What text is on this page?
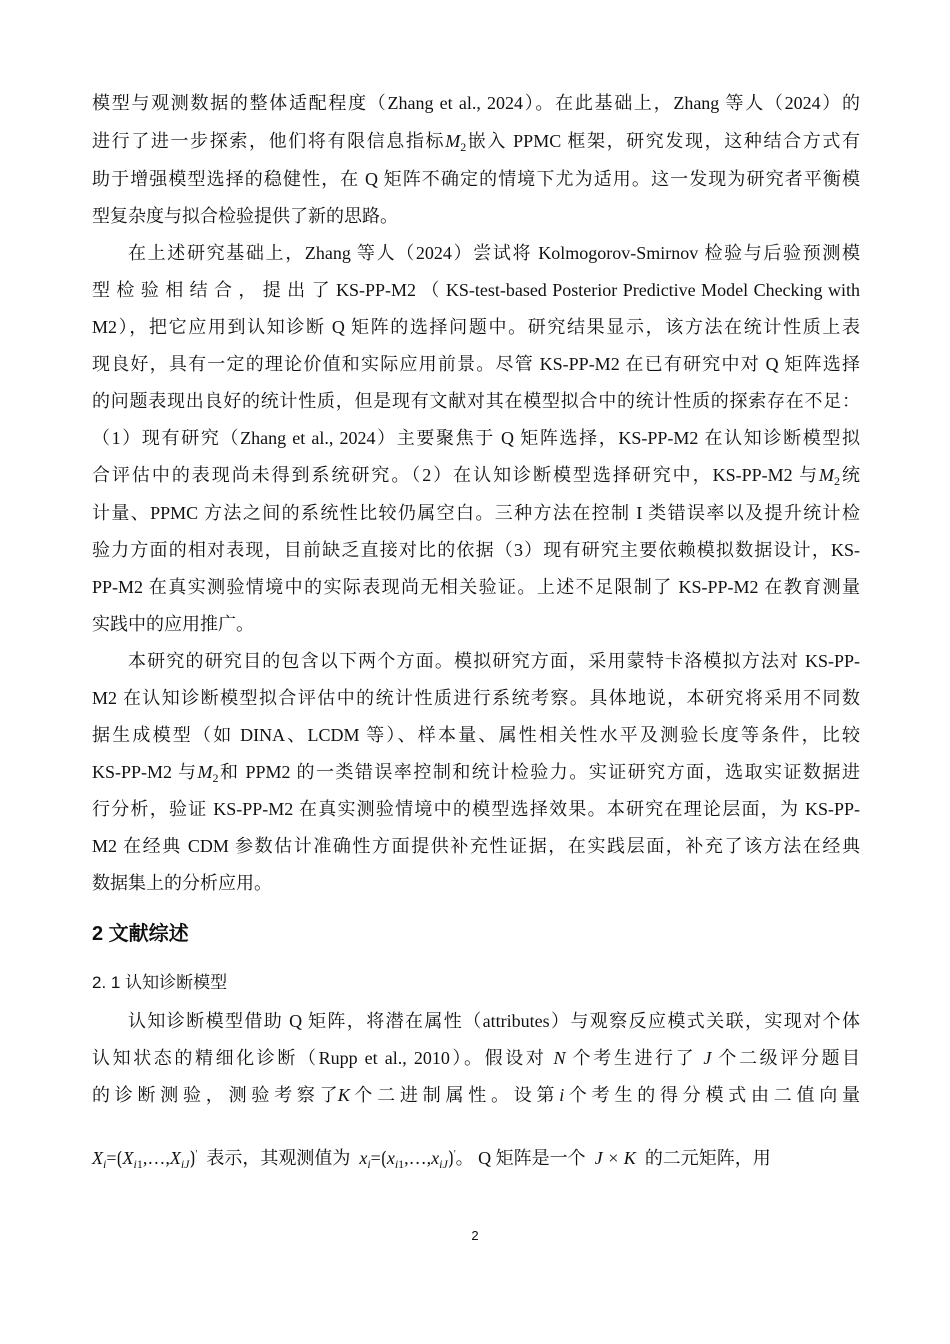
模型与观测数据的整体适配程度（Zhang et al., 2024）。在此基础上，Zhang 等人（2024）的
进行了进一步探索，他们将有限信息指标$M_2$嵌入 PPMC 框架，研究发现，这种结合方式有
助于增强模型选择的稳健性，在 Q 矩阵不确定的情境下尤为适用。这一发现为研究者平衡模
型复杂度与拟合检验提供了新的思路。
在上述研究基础上，Zhang 等人（2024）尝试将 Kolmogorov-Smirnov 检验与后验预测模
型 检 验 相 结 合 ， 提 出 了 KS-PP-M2 （ KS-test-based Posterior Predictive Model Checking with
M2），把它应用到认知诊断 Q 矩阵的选择问题中。研究结果显示，该方法在统计性质上表
现良好，具有一定的理论价值和实际应用前景。尽管 KS-PP-M2 在已有研究中对 Q 矩阵选择
的问题表现出良好的统计性质，但是现有文献对其在模型拟合中的统计性质的探索存在不足：
（1）现有研究（Zhang et al., 2024）主要聚焦于 Q 矩阵选择，KS-PP-M2 在认知诊断模型拟
合评估中的表现尚未得到系统研究。（2）在认知诊断模型选择研究中，KS-PP-M2 与$M_2$统
计量、PPMC 方法之间的系统性比较仍属空白。三种方法在控制 I 类错误率以及提升统计检
验力方面的相对表现，目前缺乏直接对比的依据（3）现有研究主要依赖模拟数据设计，KS-
PP-M2 在真实测验情境中的实际表现尚无相关验证。上述不足限制了 KS-PP-M2 在教育测量
实践中的应用推广。
本研究的研究目的包含以下两个方面。模拟研究方面，采用蒙特卡洛模拟方法对 KS-PP-
M2 在认知诊断模型拟合评估中的统计性质进行系统考察。具体地说，本研究将采用不同数
据生成模型（如 DINA、LCDM 等）、样本量、属性相关性水平及测验长度等条件，比较
KS-PP-M2 与$M_2$和 PPM2 的一类错误率控制和统计检验力。实证研究方面，选取实证数据进
行分析，验证 KS-PP-M2 在真实测验情境中的模型选择效果。本研究在理论层面，为 KS-PP-
M2 在经典 CDM 参数估计准确性方面提供补充性证据，在实践层面，补充了该方法在经典
数据集上的分析应用。
2 文献综述
2. 1 认知诊断模型
认知诊断模型借助 Q 矩阵，将潜在属性（attributes）与观察反应模式关联，实现对个体
认知状态的精细化诊断（Rupp et al., 2010）。假设对 N 个考生进行了 J 个二级评分题目
的 诊 断 测 验 ， 测 验 考 察 了K 个 二 进 制 属 性 。 设 第 i 个 考 生 的 得 分 模 式 由 二 值 向 量
$X_i=⟮X_{i1},\dots,X_{iJ}⟯'$ 表示，其观测值为 $x_i=⟮x_{i1},\dots,x_{iJ}⟯'$。 Q 矩阵是一个 J × K 的二元矩阵，用
2
